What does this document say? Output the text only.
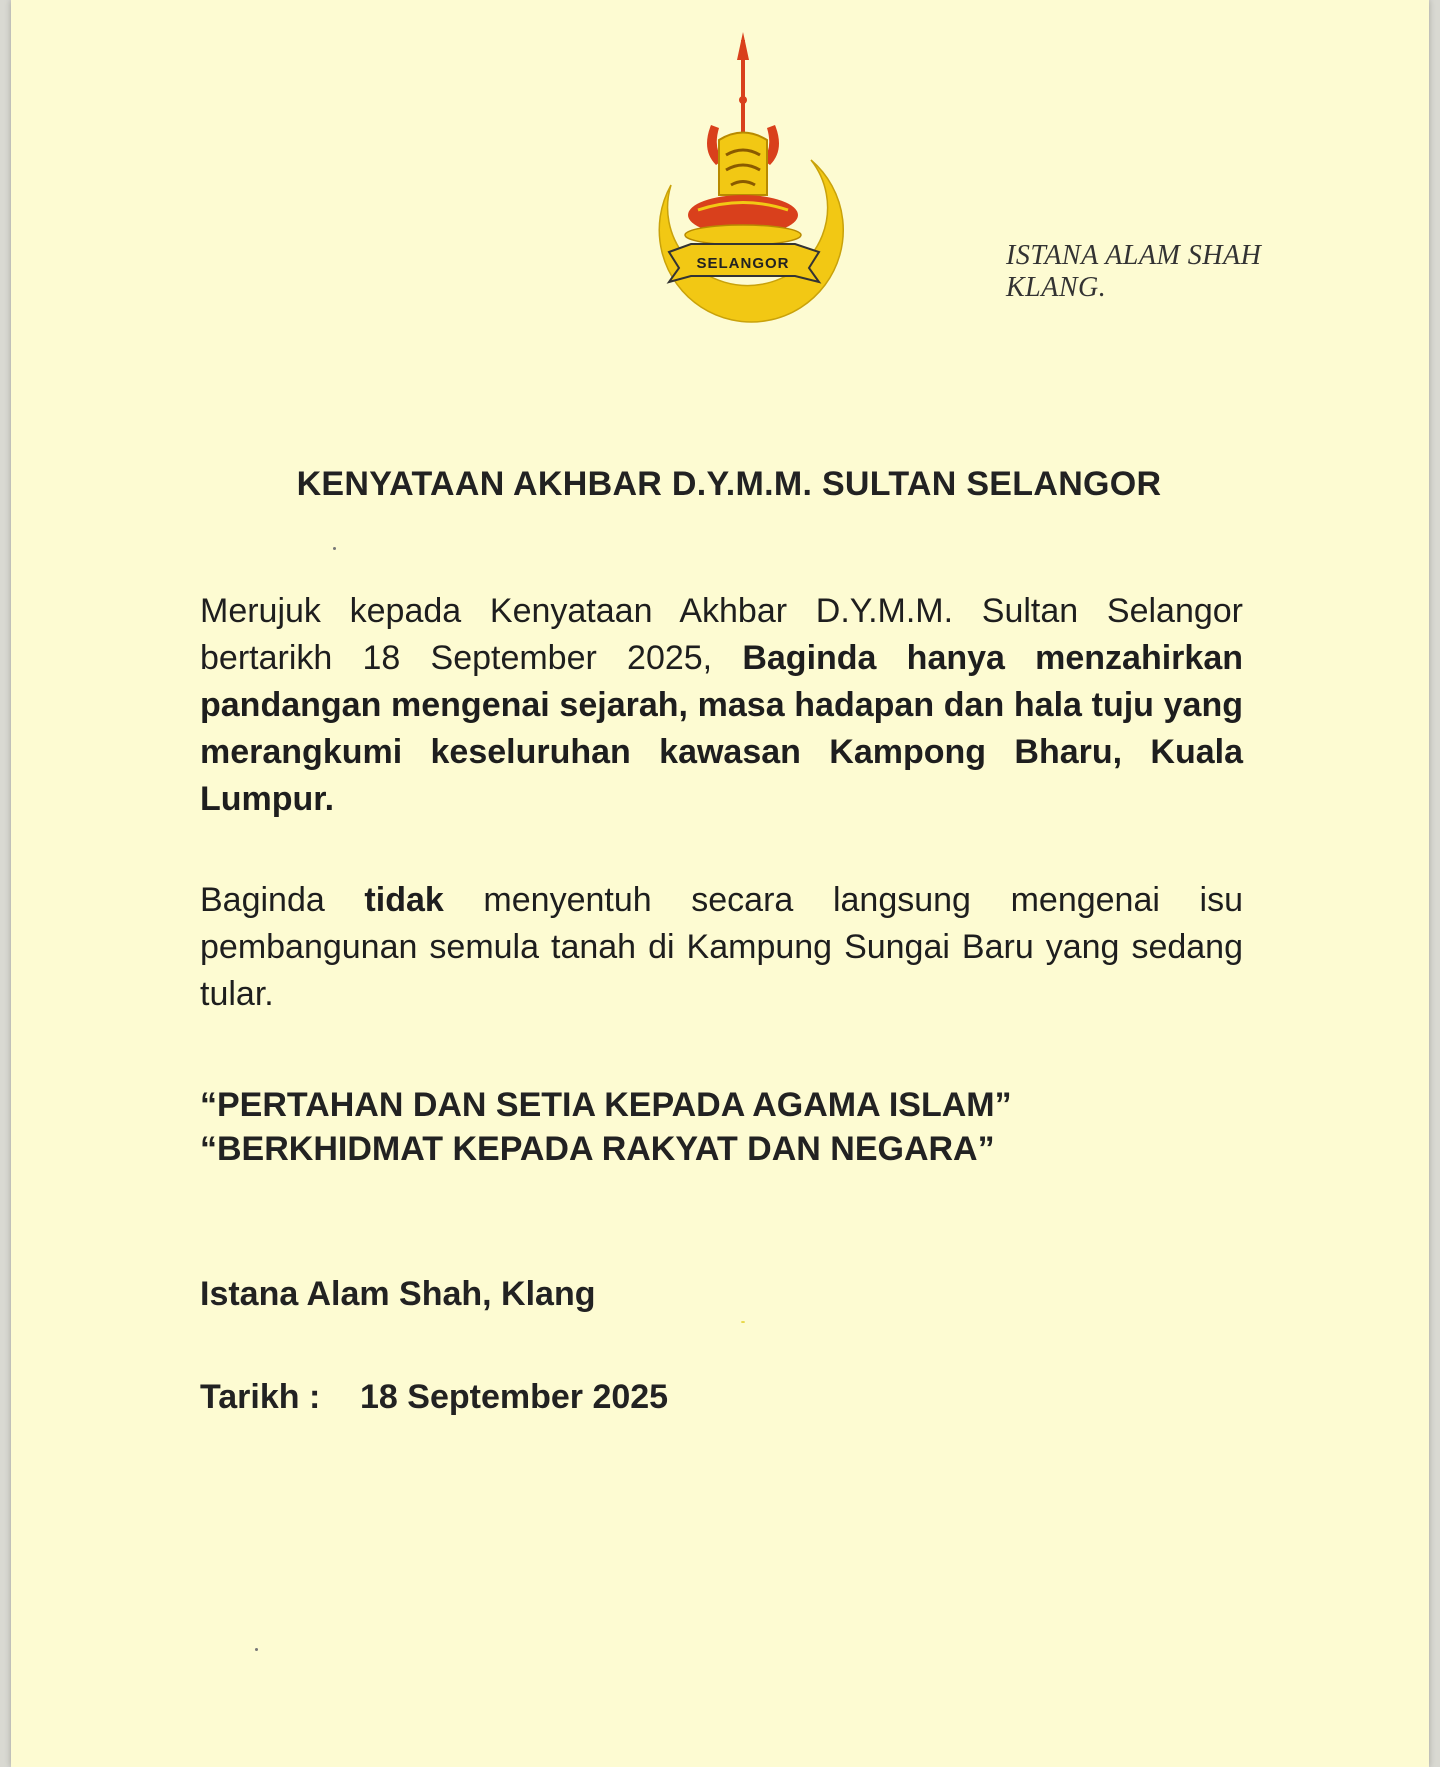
SELANGOR	ISTANA ALAM SHAH
KLANG.
KENYATAAN AKHBAR D.Y.M.M. SULTAN SELANGOR
Merujuk kepada Kenyataan Akhbar D.Y.M.M. Sultan Selangor bertarikh 18 September 2025, Baginda hanya menzahirkan pandangan mengenai sejarah, masa hadapan dan hala tuju yang merangkumi keseluruhan kawasan Kampong Bharu, Kuala Lumpur.
Baginda tidak menyentuh secara langsung mengenai isu pembangunan semula tanah di Kampung Sungai Baru yang sedang tular.
“PERTAHAN DAN SETIA KEPADA AGAMA ISLAM”
“BERKHIDMAT KEPADA RAKYAT DAN NEGARA”
Istana Alam Shah, Klang
Tarikh : 18 September 2025
